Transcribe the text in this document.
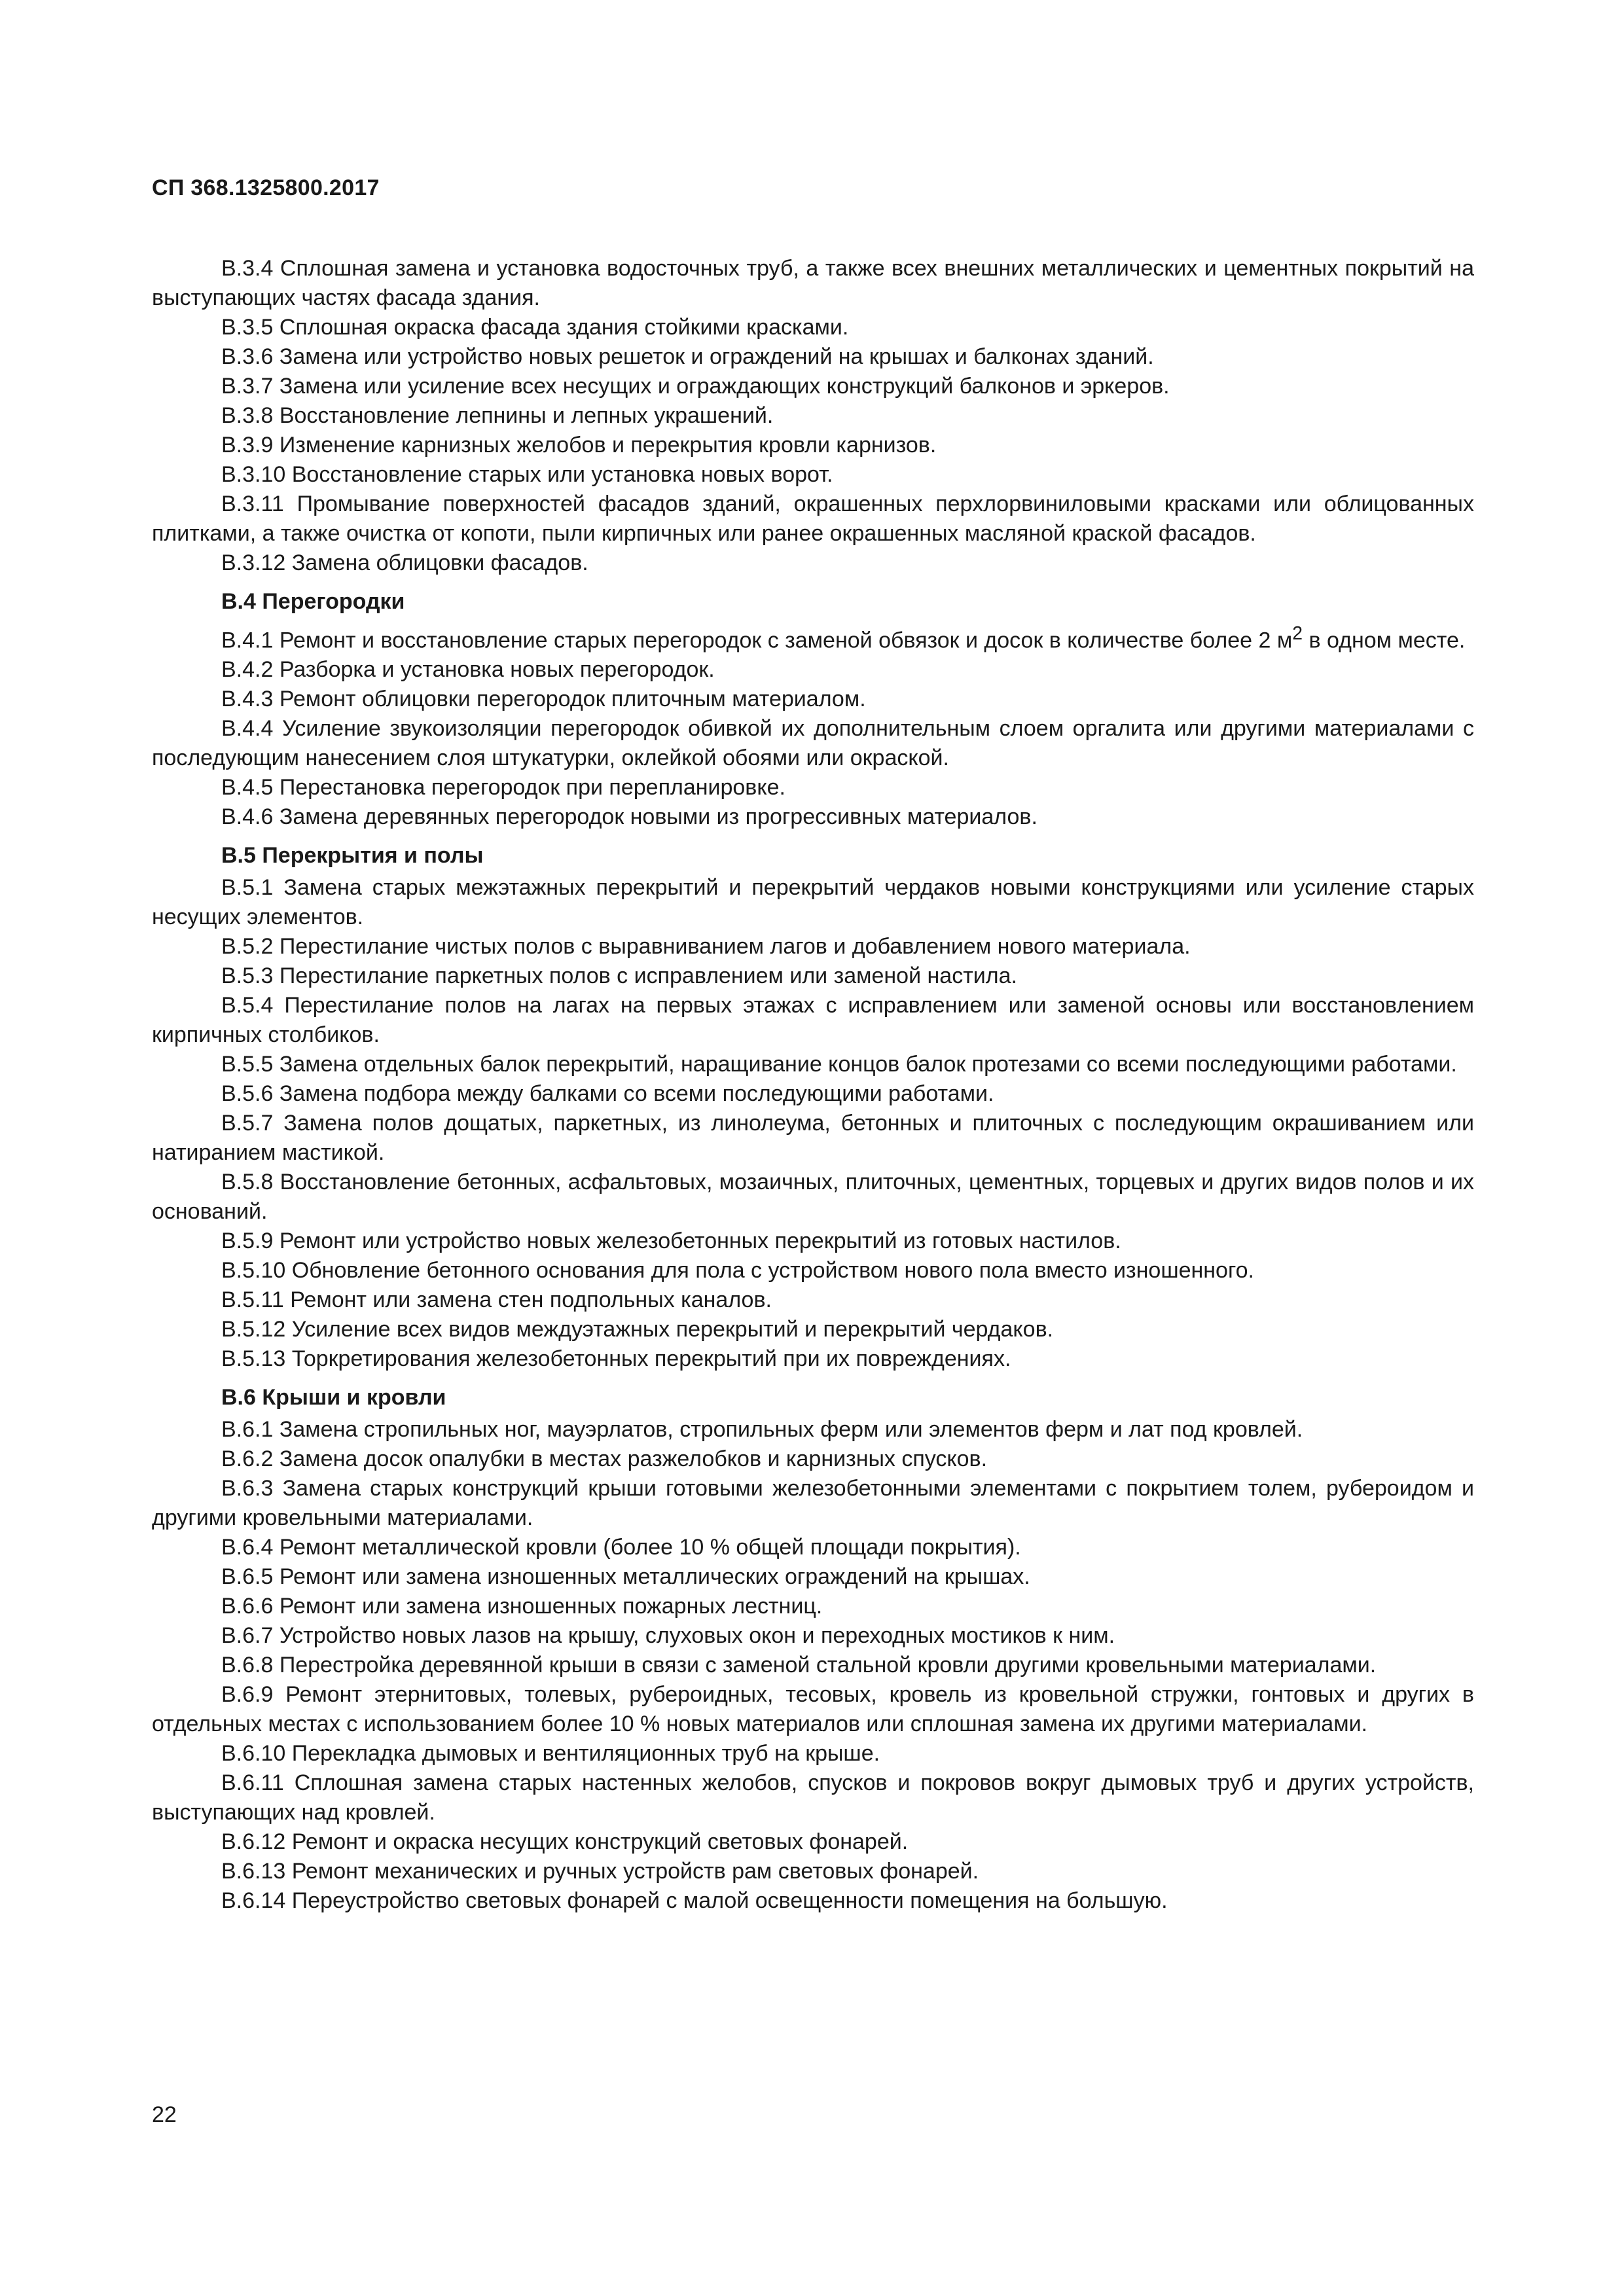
СП 368.1325800.2017

В.3.4 Сплошная замена и установка водосточных труб, а также всех внешних металлических и цементных покрытий на выступающих частях фасада здания.

В.3.5 Сплошная окраска фасада здания стойкими красками.

В.3.6 Замена или устройство новых решеток и ограждений на крышах и балконах зданий.

В.3.7 Замена или усиление всех несущих и ограждающих конструкций балконов и эркеров.

В.3.8 Восстановление лепнины и лепных украшений.

В.3.9 Изменение карнизных желобов и перекрытия кровли карнизов.

В.3.10 Восстановление старых или установка новых ворот.

В.3.11 Промывание поверхностей фасадов зданий, окрашенных перхлорвиниловыми красками или облицованных плитками, а также очистка от копоти, пыли кирпичных или ранее окрашенных масляной краской фасадов.

В.3.12 Замена облицовки фасадов.

В.4 Перегородки

В.4.1 Ремонт и восстановление старых перегородок с заменой обвязок и досок в количестве более 2 $м^2$ в одном месте.

В.4.2 Разборка и установка новых перегородок.

В.4.3 Ремонт облицовки перегородок плиточным материалом.

В.4.4 Усиление звукоизоляции перегородок обивкой их дополнительным слоем оргалита или другими материалами с последующим нанесением слоя штукатурки, оклейкой обоями или окраской.

В.4.5 Перестановка перегородок при перепланировке.

В.4.6 Замена деревянных перегородок новыми из прогрессивных материалов.

В.5 Перекрытия и полы

В.5.1 Замена старых межэтажных перекрытий и перекрытий чердаков новыми конструкциями или усиление старых несущих элементов.

В.5.2 Перестилание чистых полов с выравниванием лагов и добавлением нового материала.

В.5.3 Перестилание паркетных полов с исправлением или заменой настила.

В.5.4 Перестилание полов на лагах на первых этажах с исправлением или заменой основы или восстановлением кирпичных столбиков.

В.5.5 Замена отдельных балок перекрытий, наращивание концов балок протезами со всеми последующими работами.

В.5.6 Замена подбора между балками со всеми последующими работами.

В.5.7 Замена полов дощатых, паркетных, из линолеума, бетонных и плиточных с последующим окрашиванием или натиранием мастикой.

В.5.8 Восстановление бетонных, асфальтовых, мозаичных, плиточных, цементных, торцевых и других видов полов и их оснований.

В.5.9 Ремонт или устройство новых железобетонных перекрытий из готовых настилов.

В.5.10 Обновление бетонного основания для пола с устройством нового пола вместо изношенного.

В.5.11 Ремонт или замена стен подпольных каналов.

В.5.12 Усиление всех видов междуэтажных перекрытий и перекрытий чердаков.

В.5.13 Торкретирования железобетонных перекрытий при их повреждениях.

В.6 Крыши и кровли

В.6.1 Замена стропильных ног, мауэрлатов, стропильных ферм или элементов ферм и лат под кровлей.

В.6.2 Замена досок опалубки в местах разжелобков и карнизных спусков.

В.6.3 Замена старых конструкций крыши готовыми железобетонными элементами с покрытием толем, рубероидом и другими кровельными материалами.

В.6.4 Ремонт металлической кровли (более 10 % общей площади покрытия).

В.6.5 Ремонт или замена изношенных металлических ограждений на крышах.

В.6.6 Ремонт или замена изношенных пожарных лестниц.

В.6.7 Устройство новых лазов на крышу, слуховых окон и переходных мостиков к ним.

В.6.8 Перестройка деревянной крыши в связи с заменой стальной кровли другими кровельными материалами.

В.6.9 Ремонт этернитовых, толевых, рубероидных, тесовых, кровель из кровельной стружки, гонтовых и других в отдельных местах с использованием более 10 % новых материалов или сплошная замена их другими материалами.

В.6.10 Перекладка дымовых и вентиляционных труб на крыше.

В.6.11 Сплошная замена старых настенных желобов, спусков и покровов вокруг дымовых труб и других устройств, выступающих над кровлей.

В.6.12 Ремонт и окраска несущих конструкций световых фонарей.

В.6.13 Ремонт механических и ручных устройств рам световых фонарей.

В.6.14 Переустройство световых фонарей с малой освещенности помещения на большую.

22
